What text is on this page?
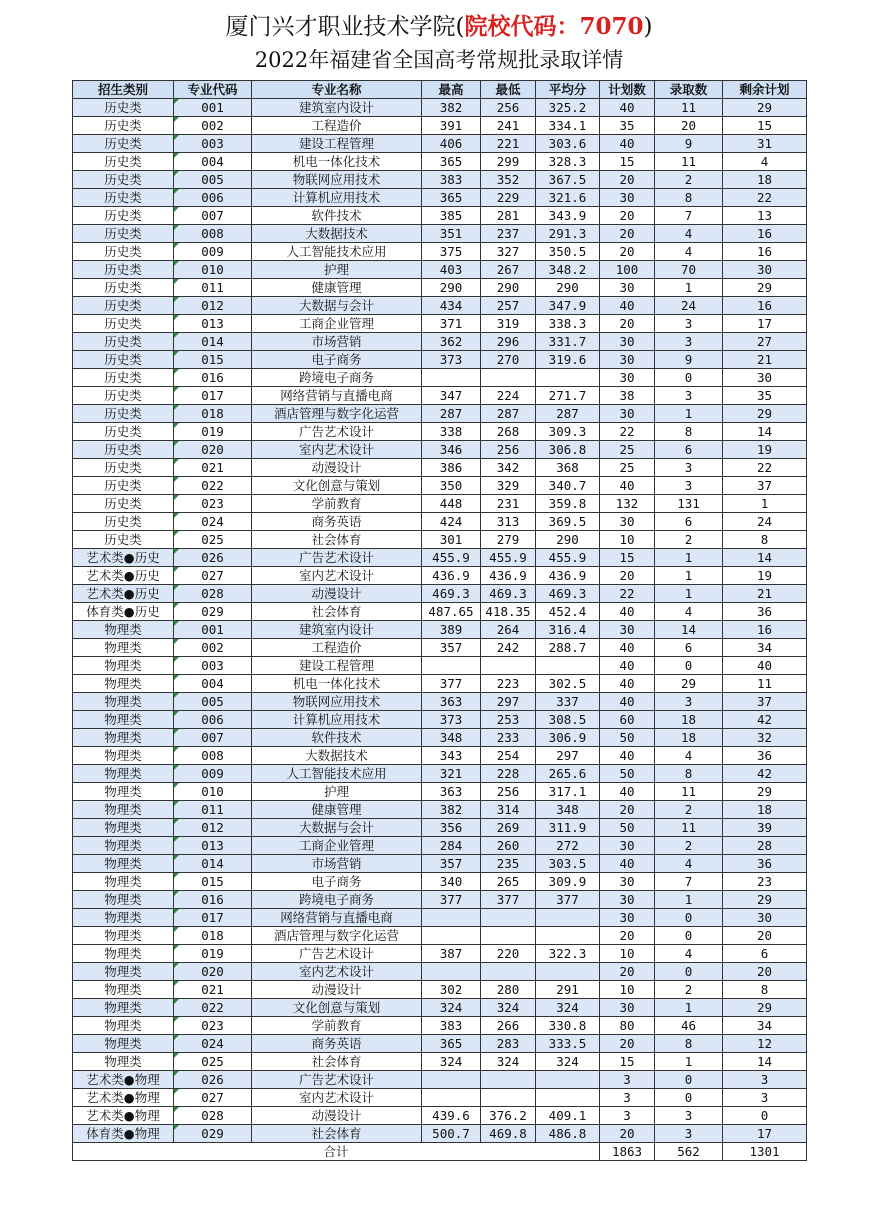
厦门兴才职业技术学院(院校代码：7070)
2022年福建省全国高考常规批录取详情
招生类别	专业代码	专业名称	最高	最低	平均分	计划数	录取数	剩余计划
历史类	001	建筑室内设计	382	256	325.2	40	11	29
历史类	002	工程造价	391	241	334.1	35	20	15
历史类	003	建设工程管理	406	221	303.6	40	9	31
历史类	004	机电一体化技术	365	299	328.3	15	11	4
历史类	005	物联网应用技术	383	352	367.5	20	2	18
历史类	006	计算机应用技术	365	229	321.6	30	8	22
历史类	007	软件技术	385	281	343.9	20	7	13
历史类	008	大数据技术	351	237	291.3	20	4	16
历史类	009	人工智能技术应用	375	327	350.5	20	4	16
历史类	010	护理	403	267	348.2	100	70	30
历史类	011	健康管理	290	290	290	30	1	29
历史类	012	大数据与会计	434	257	347.9	40	24	16
历史类	013	工商企业管理	371	319	338.3	20	3	17
历史类	014	市场营销	362	296	331.7	30	3	27
历史类	015	电子商务	373	270	319.6	30	9	21
历史类	016	跨境电子商务				30	0	30
历史类	017	网络营销与直播电商	347	224	271.7	38	3	35
历史类	018	酒店管理与数字化运营	287	287	287	30	1	29
历史类	019	广告艺术设计	338	268	309.3	22	8	14
历史类	020	室内艺术设计	346	256	306.8	25	6	19
历史类	021	动漫设计	386	342	368	25	3	22
历史类	022	文化创意与策划	350	329	340.7	40	3	37
历史类	023	学前教育	448	231	359.8	132	131	1
历史类	024	商务英语	424	313	369.5	30	6	24
历史类	025	社会体育	301	279	290	10	2	8
艺术类●历史	026	广告艺术设计	455.9	455.9	455.9	15	1	14
艺术类●历史	027	室内艺术设计	436.9	436.9	436.9	20	1	19
艺术类●历史	028	动漫设计	469.3	469.3	469.3	22	1	21
体育类●历史	029	社会体育	487.65	418.35	452.4	40	4	36
物理类	001	建筑室内设计	389	264	316.4	30	14	16
物理类	002	工程造价	357	242	288.7	40	6	34
物理类	003	建设工程管理				40	0	40
物理类	004	机电一体化技术	377	223	302.5	40	29	11
物理类	005	物联网应用技术	363	297	337	40	3	37
物理类	006	计算机应用技术	373	253	308.5	60	18	42
物理类	007	软件技术	348	233	306.9	50	18	32
物理类	008	大数据技术	343	254	297	40	4	36
物理类	009	人工智能技术应用	321	228	265.6	50	8	42
物理类	010	护理	363	256	317.1	40	11	29
物理类	011	健康管理	382	314	348	20	2	18
物理类	012	大数据与会计	356	269	311.9	50	11	39
物理类	013	工商企业管理	284	260	272	30	2	28
物理类	014	市场营销	357	235	303.5	40	4	36
物理类	015	电子商务	340	265	309.9	30	7	23
物理类	016	跨境电子商务	377	377	377	30	1	29
物理类	017	网络营销与直播电商				30	0	30
物理类	018	酒店管理与数字化运营				20	0	20
物理类	019	广告艺术设计	387	220	322.3	10	4	6
物理类	020	室内艺术设计				20	0	20
物理类	021	动漫设计	302	280	291	10	2	8
物理类	022	文化创意与策划	324	324	324	30	1	29
物理类	023	学前教育	383	266	330.8	80	46	34
物理类	024	商务英语	365	283	333.5	20	8	12
物理类	025	社会体育	324	324	324	15	1	14
艺术类●物理	026	广告艺术设计				3	0	3
艺术类●物理	027	室内艺术设计				3	0	3
艺术类●物理	028	动漫设计	439.6	376.2	409.1	3	3	0
体育类●物理	029	社会体育	500.7	469.8	486.8	20	3	17
合计						1863	562	1301
